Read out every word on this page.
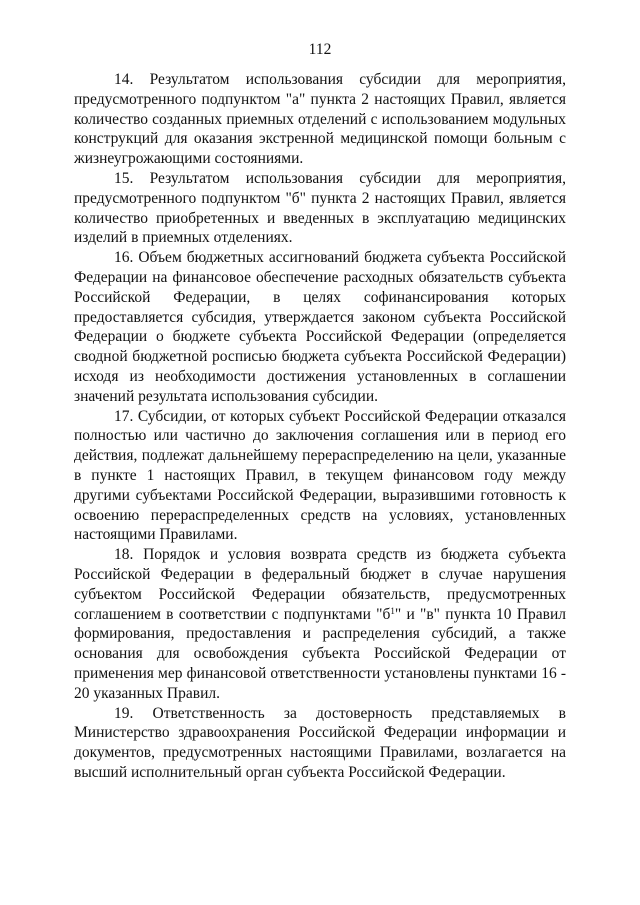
112

14. Результатом использования субсидии для мероприятия, предусмотренного подпунктом "а" пункта 2 настоящих Правил, является количество созданных приемных отделений с использованием модульных конструкций для оказания экстренной медицинской помощи больным с жизнеугрожающими состояниями.

15. Результатом использования субсидии для мероприятия, предусмотренного подпунктом "б" пункта 2 настоящих Правил, является количество приобретенных и введенных в эксплуатацию медицинских изделий в приемных отделениях.

16. Объем бюджетных ассигнований бюджета субъекта Российской Федерации на финансовое обеспечение расходных обязательств субъекта Российской Федерации, в целях софинансирования которых предоставляется субсидия, утверждается законом субъекта Российской Федерации о бюджете субъекта Российской Федерации (определяется сводной бюджетной росписью бюджета субъекта Российской Федерации) исходя из необходимости достижения установленных в соглашении значений результата использования субсидии.

17. Субсидии, от которых субъект Российской Федерации отказался полностью или частично до заключения соглашения или в период его действия, подлежат дальнейшему перераспределению на цели, указанные в пункте 1 настоящих Правил, в текущем финансовом году между другими субъектами Российской Федерации, выразившими готовность к освоению перераспределенных средств на условиях, установленных настоящими Правилами.

18. Порядок и условия возврата средств из бюджета субъекта Российской Федерации в федеральный бюджет в случае нарушения субъектом Российской Федерации обязательств, предусмотренных соглашением в соответствии с подпунктами "$б^1$" и "в" пункта 10 Правил формирования, предоставления и распределения субсидий, а также основания для освобождения субъекта Российской Федерации от применения мер финансовой ответственности установлены пунктами 16 - 20 указанных Правил.

19. Ответственность за достоверность представляемых в Министерство здравоохранения Российской Федерации информации и документов, предусмотренных настоящими Правилами, возлагается на высший исполнительный орган субъекта Российской Федерации.
